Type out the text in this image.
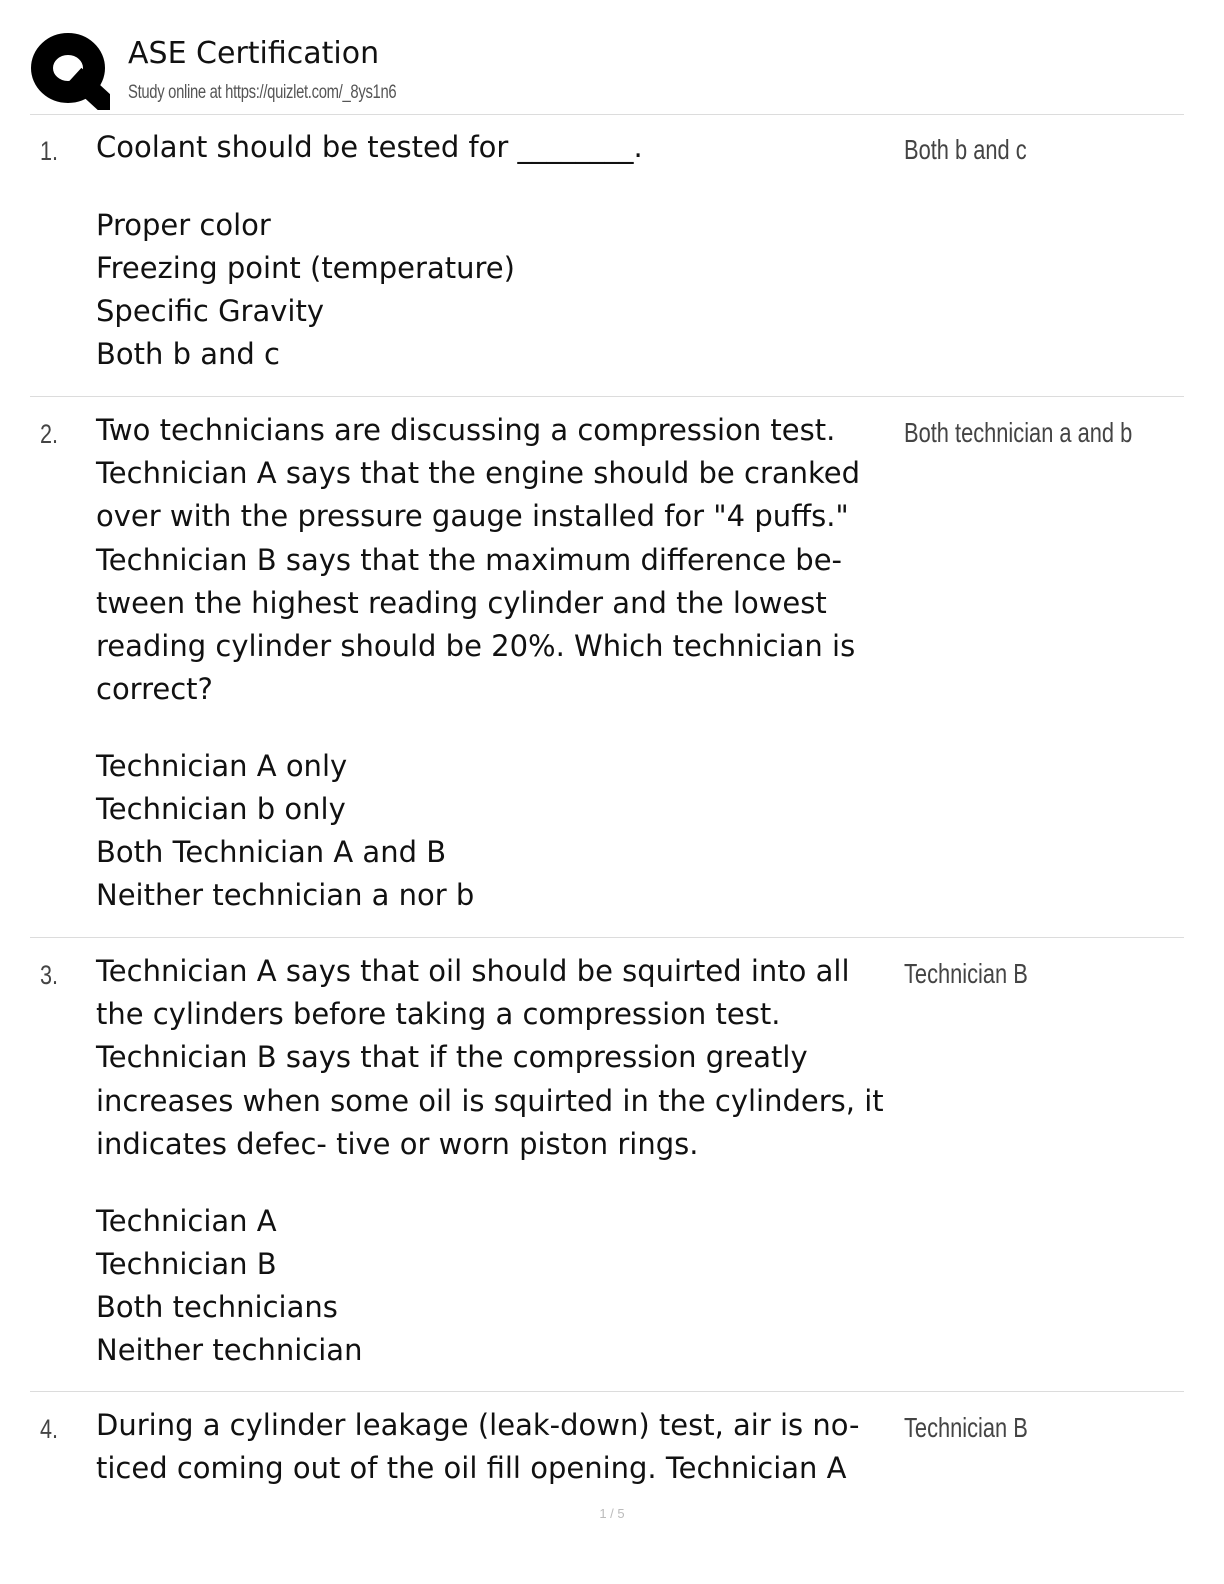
ASE Certification
Study online at https://quizlet.com/_8ys1n6
1. Coolant should be tested for ________.

Proper color
Freezing point (temperature)
Specific Gravity
Both b and c
Both b and c
2. Two technicians are discussing a compression test. Technician A says that the engine should be cranked over with the pressure gauge installed for "4 puffs." Technician B says that the maximum difference be- tween the highest reading cylinder and the lowest reading cylinder should be 20%. Which technician is correct?

Technician A only
Technician b only
Both Technician A and B
Neither technician a nor b
Both technician a and b
3. Technician A says that oil should be squirted into all the cylinders before taking a compression test. Technician B says that if the compression greatly increases when some oil is squirted in the cylinders, it indicates defec- tive or worn piston rings.

Technician A
Technician B
Both technicians
Neither technician
Technician B
4. During a cylinder leakage (leak-down) test, air is no- ticed coming out of the oil fill opening. Technician A

Technician B
1 / 5
